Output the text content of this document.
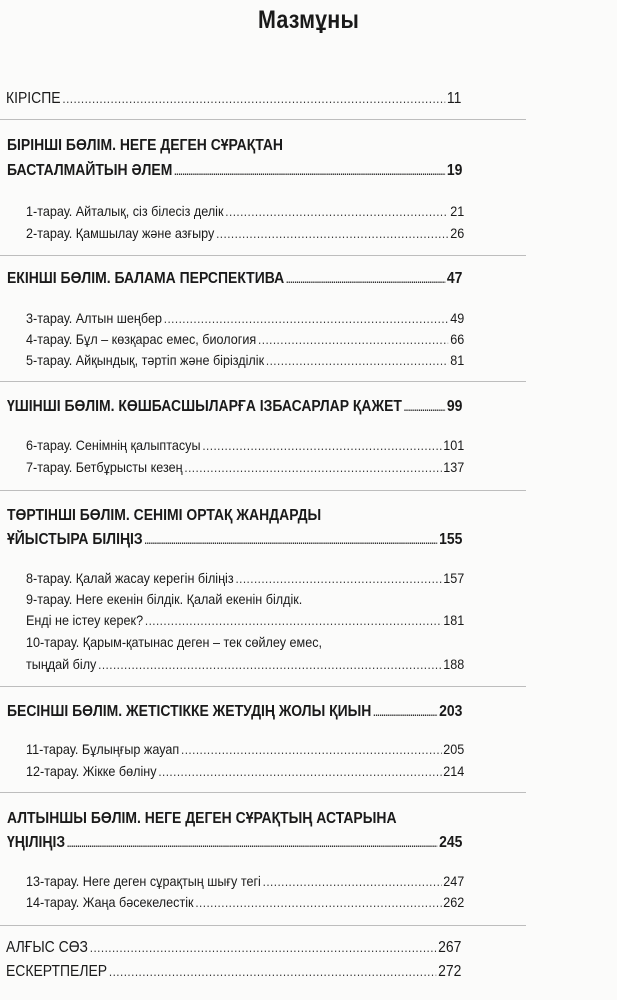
Мазмұны
КІРІСПЕ .....	11
БІРІНШІ БӨЛІМ. НЕГЕ ДЕГЕН СҰРАҚТАН
БАСТАЛМАЙТЫН ӘЛЕМ .....	19
1-тарау. Айталық, сіз білесіз делік .....	21
2-тарау. Қамшылау және азғыру .....	26
ЕКІНШІ БӨЛІМ. БАЛАМА ПЕРСПЕКТИВА .....	47
3-тарау. Алтын шеңбер .....	49
4-тарау. Бұл – көзқарас емес, биология .....	66
5-тарау. Айқындық, тәртіп және бірізділік .....	81
ҮШІНШІ БӨЛІМ. КӨШБАСШЫЛАРҒА ІЗБАСАРЛАР ҚАЖЕТ .....	99
6-тарау. Сенімнің қалыптасуы .....	101
7-тарау. Бетбұрысты кезең .....	137
ТӨРТІНШІ БӨЛІМ. СЕНІМІ ОРТАҚ ЖАНДАРДЫ
ҰЙЫСТЫРА БІЛІҢІЗ .....	155
8-тарау. Қалай жасау керегін біліңіз .....	157
9-тарау. Неге екенін білдік. Қалай екенін білдік.
Енді не істеу керек? .....	181
10-тарау. Қарым-қатынас деген – тек сөйлеу емес,
тыңдай білу .....	188
БЕСІНШІ БӨЛІМ. ЖЕТІСТІККЕ ЖЕТУДІҢ ЖОЛЫ ҚИЫН .....	203
11-тарау. Бұлыңғыр жауап .....	205
12-тарау. Жікке бөліну .....	214
АЛТЫНШЫ БӨЛІМ. НЕГЕ ДЕГЕН СҰРАҚТЫҢ АСТАРЫНА
ҮҢІЛІҢІЗ .....	245
13-тарау. Неге деген сұрақтың шығу тегі .....	247
14-тарау. Жаңа бәсекелестік .....	262
АЛҒЫС СӨЗ .....	267
ЕСКЕРТПЕЛЕР .....	272
